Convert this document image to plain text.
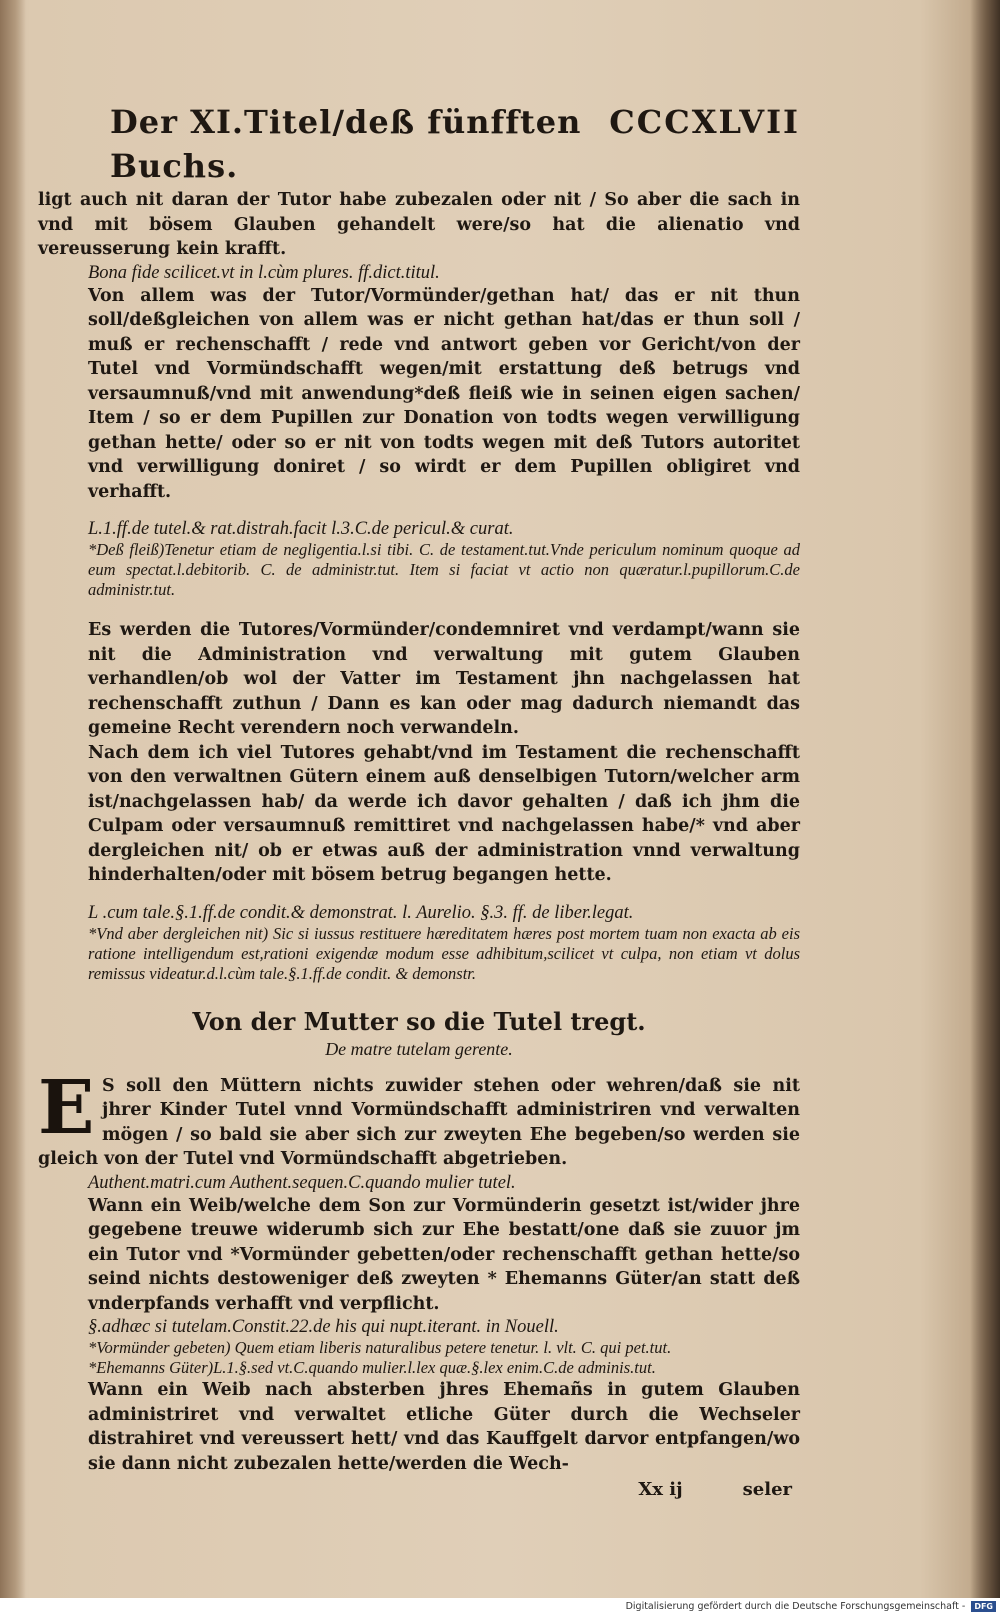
Der XI.Titel/deß fünfften Buchs.
CCCXLVII

ligt auch nit daran der Tutor habe zubezalen oder nit / So aber die sach in vnd mit bösem Glauben gehandelt were/so hat die alienatio vnd vereusserung kein krafft.

Bona fide scilicet.vt in l.cùm plures. ff.dict.titul.

Von allem was der Tutor/Vormünder/gethan hat/ das er nit thun soll/deßgleichen von allem was er nicht gethan hat/das er thun soll / muß er rechenschafft / rede vnd antwort geben vor Gericht/von der Tutel vnd Vormündschafft wegen/mit erstattung deß betrugs vnd versaumnuß/vnd mit anwendung*deß fleiß wie in seinen eigen sachen/ Item / so er dem Pupillen zur Donation von todts wegen verwilligung gethan hette/ oder so er nit von todts wegen mit deß Tutors autoritet vnd verwilligung doniret / so wirdt er dem Pupillen obligiret vnd verhafft.

L.1.ff.de tutel.& rat.distrah.facit l.3.C.de pericul.& curat.

*Deß fleiß)Tenetur etiam de negligentia.l.si tibi. C. de testament.tut.Vnde periculum nominum quoque ad eum spectat.l.debitorib. C. de administr.tut. Item si faciat vt actio non quæratur.l.pupillorum.C.de administr.tut.

Es werden die Tutores/Vormünder/condemniret vnd verdampt/wann sie nit die Administration vnd verwaltung mit gutem Glauben verhandlen/ob wol der Vatter im Testament jhn nachgelassen hat rechenschafft zuthun / Dann es kan oder mag dadurch niemandt das gemeine Recht verendern noch verwandeln.

Nach dem ich viel Tutores gehabt/vnd im Testament die rechenschafft von den verwaltnen Gütern einem auß denselbigen Tutorn/welcher arm ist/nachgelassen hab/ da werde ich davor gehalten / daß ich jhm die Culpam oder versaumnuß remittiret vnd nachgelassen habe/* vnd aber dergleichen nit/ ob er etwas auß der administration vnnd verwaltung hinderhalten/oder mit bösem betrug begangen hette.

L .cum tale.§.1.ff.de condit.& demonstrat. l. Aurelio. §.3. ff. de liber.legat.

*Vnd aber dergleichen nit) Sic si iussus restituere hæreditatem hæres post mortem tuam non exacta ab eis ratione intelligendum est,rationi exigendæ modum esse adhibitum,scilicet vt culpa, non etiam vt dolus remissus videatur.d.l.cùm tale.§.1.ff.de condit. & demonstr.

Von der Mutter so die Tutel tregt.
De matre tutelam gerente.
E S soll den Müttern nichts zuwider stehen oder wehren/daß sie nit jhrer Kinder Tutel vnnd Vormündschafft administriren vnd verwalten mögen / so bald sie aber sich zur zweyten Ehe begeben/so werden sie gleich von der Tutel vnd Vormündschafft abgetrieben.

Authent.matri.cum Authent.sequen.C.quando mulier tutel.

Wann ein Weib/welche dem Son zur Vormünderin gesetzt ist/wider jhre gegebene treuwe widerumb sich zur Ehe bestatt/one daß sie zuuor jm ein Tutor vnd *Vormünder gebetten/oder rechenschafft gethan hette/so seind nichts destoweniger deß zweyten * Ehemanns Güter/an statt deß vnderpfands verhafft vnd verpflicht.

§.adhæc si tutelam.Constit.22.de his qui nupt.iterant. in Nouell.

*Vormünder gebeten) Quem etiam liberis naturalibus petere tenetur. l. vlt. C. qui pet.tut.

*Ehemanns Güter)L.1.§.sed vt.C.quando mulier.l.lex quæ.§.lex enim.C.de adminis.tut.

Wann ein Weib nach absterben jhres Ehemañs in gutem Glauben administriret vnd verwaltet etliche Güter durch die Wechseler distrahiret vnd vereussert hett/ vnd das Kauffgelt darvor entpfangen/wo sie dann nicht zubezalen hette/werden die Wech-

Xx ij	seler
Digitalisierung gefördert durch die Deutsche Forschungsgemeinschaft - DFG
